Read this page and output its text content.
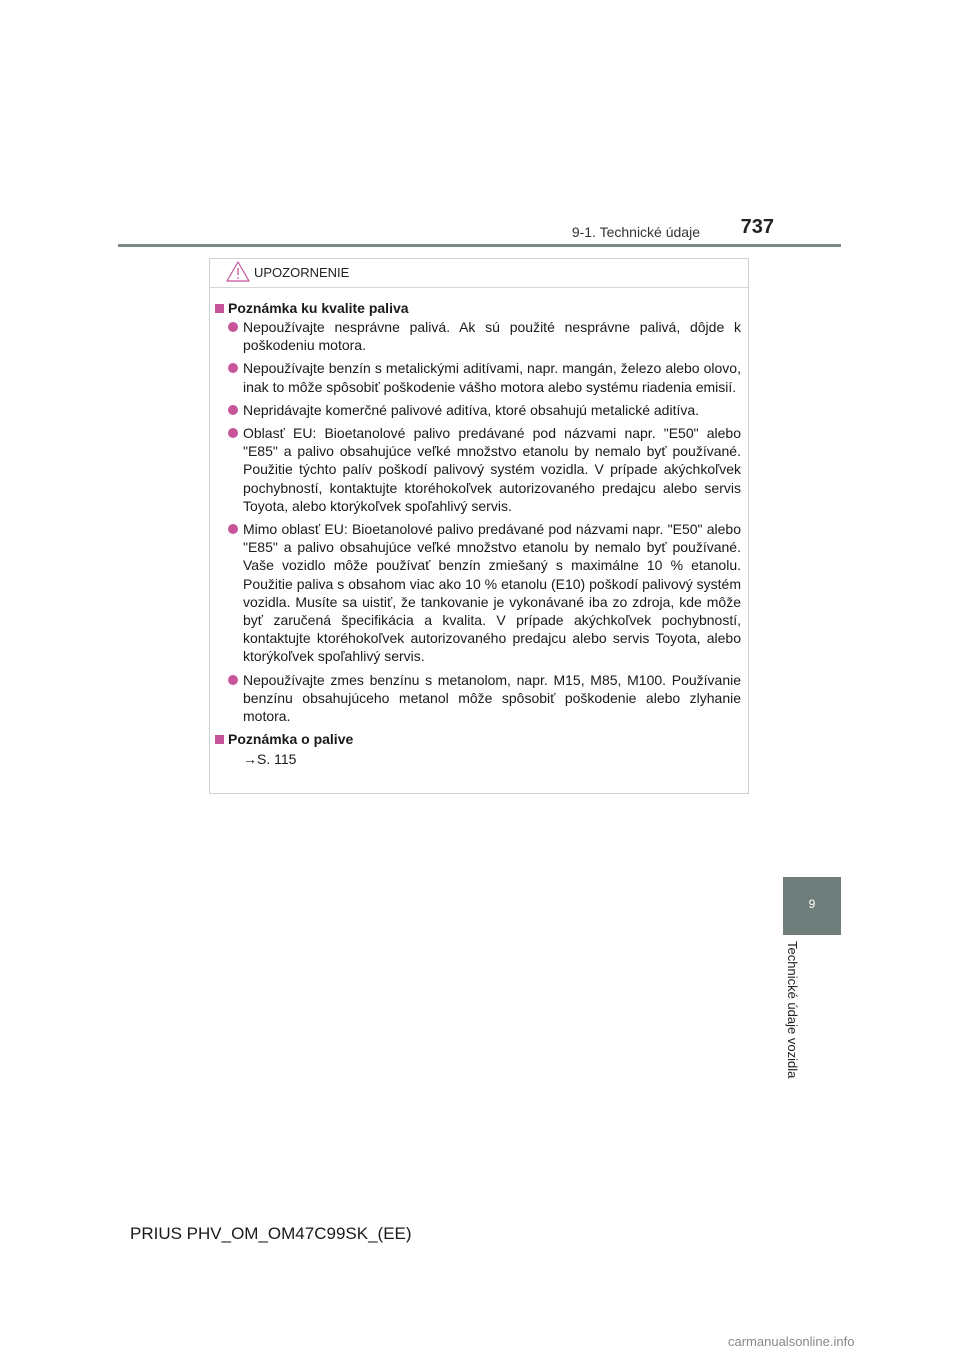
9-1. Technické údaje	737
UPOZORNENIE
Poznámka ku kvalite paliva
Nepoužívajte nesprávne palivá. Ak sú použité nesprávne palivá, dôjde k poškodeniu motora.
Nepoužívajte benzín s metalickými aditívami, napr. mangán, železo alebo olovo, inak to môže spôsobiť poškodenie vášho motora alebo systému riadenia emisií.
Nepridávajte komerčné palivové aditíva, ktoré obsahujú metalické aditíva.
Oblasť EU: Bioetanolové palivo predávané pod názvami napr. "E50" alebo "E85" a palivo obsahujúce veľké množstvo etanolu by nemalo byť používané. Použitie týchto palív poškodí palivový systém vozidla. V prípade akýchkoľvek pochybností, kontaktujte ktoréhokoľvek autorizovaného predajcu alebo servis Toyota, alebo ktorýkoľvek spoľahlivý servis.
Mimo oblasť EU: Bioetanolové palivo predávané pod názvami napr. "E50" alebo "E85" a palivo obsahujúce veľké množstvo etanolu by nemalo byť používané. Vaše vozidlo môže používať benzín zmiešaný s maximálne 10 % etanolu. Použitie paliva s obsahom viac ako 10 % etanolu (E10) poškodí palivový systém vozidla. Musíte sa uistiť, že tankovanie je vykonávané iba zo zdroja, kde môže byť zaručená špecifikácia a kvalita. V prípade akýchkoľvek pochybností, kontaktujte ktoréhokoľvek autorizovaného predajcu alebo servis Toyota, alebo ktorýkoľvek spoľahlivý servis.
Nepoužívajte zmes benzínu s metanolom, napr. M15, M85, M100. Používanie benzínu obsahujúceho metanol môže spôsobiť poškodenie alebo zlyhanie motora.
Poznámka o palive
→S. 115
9
Technické údaje vozidla
PRIUS PHV_OM_OM47C99SK_(EE)
carmanualsonline.info
